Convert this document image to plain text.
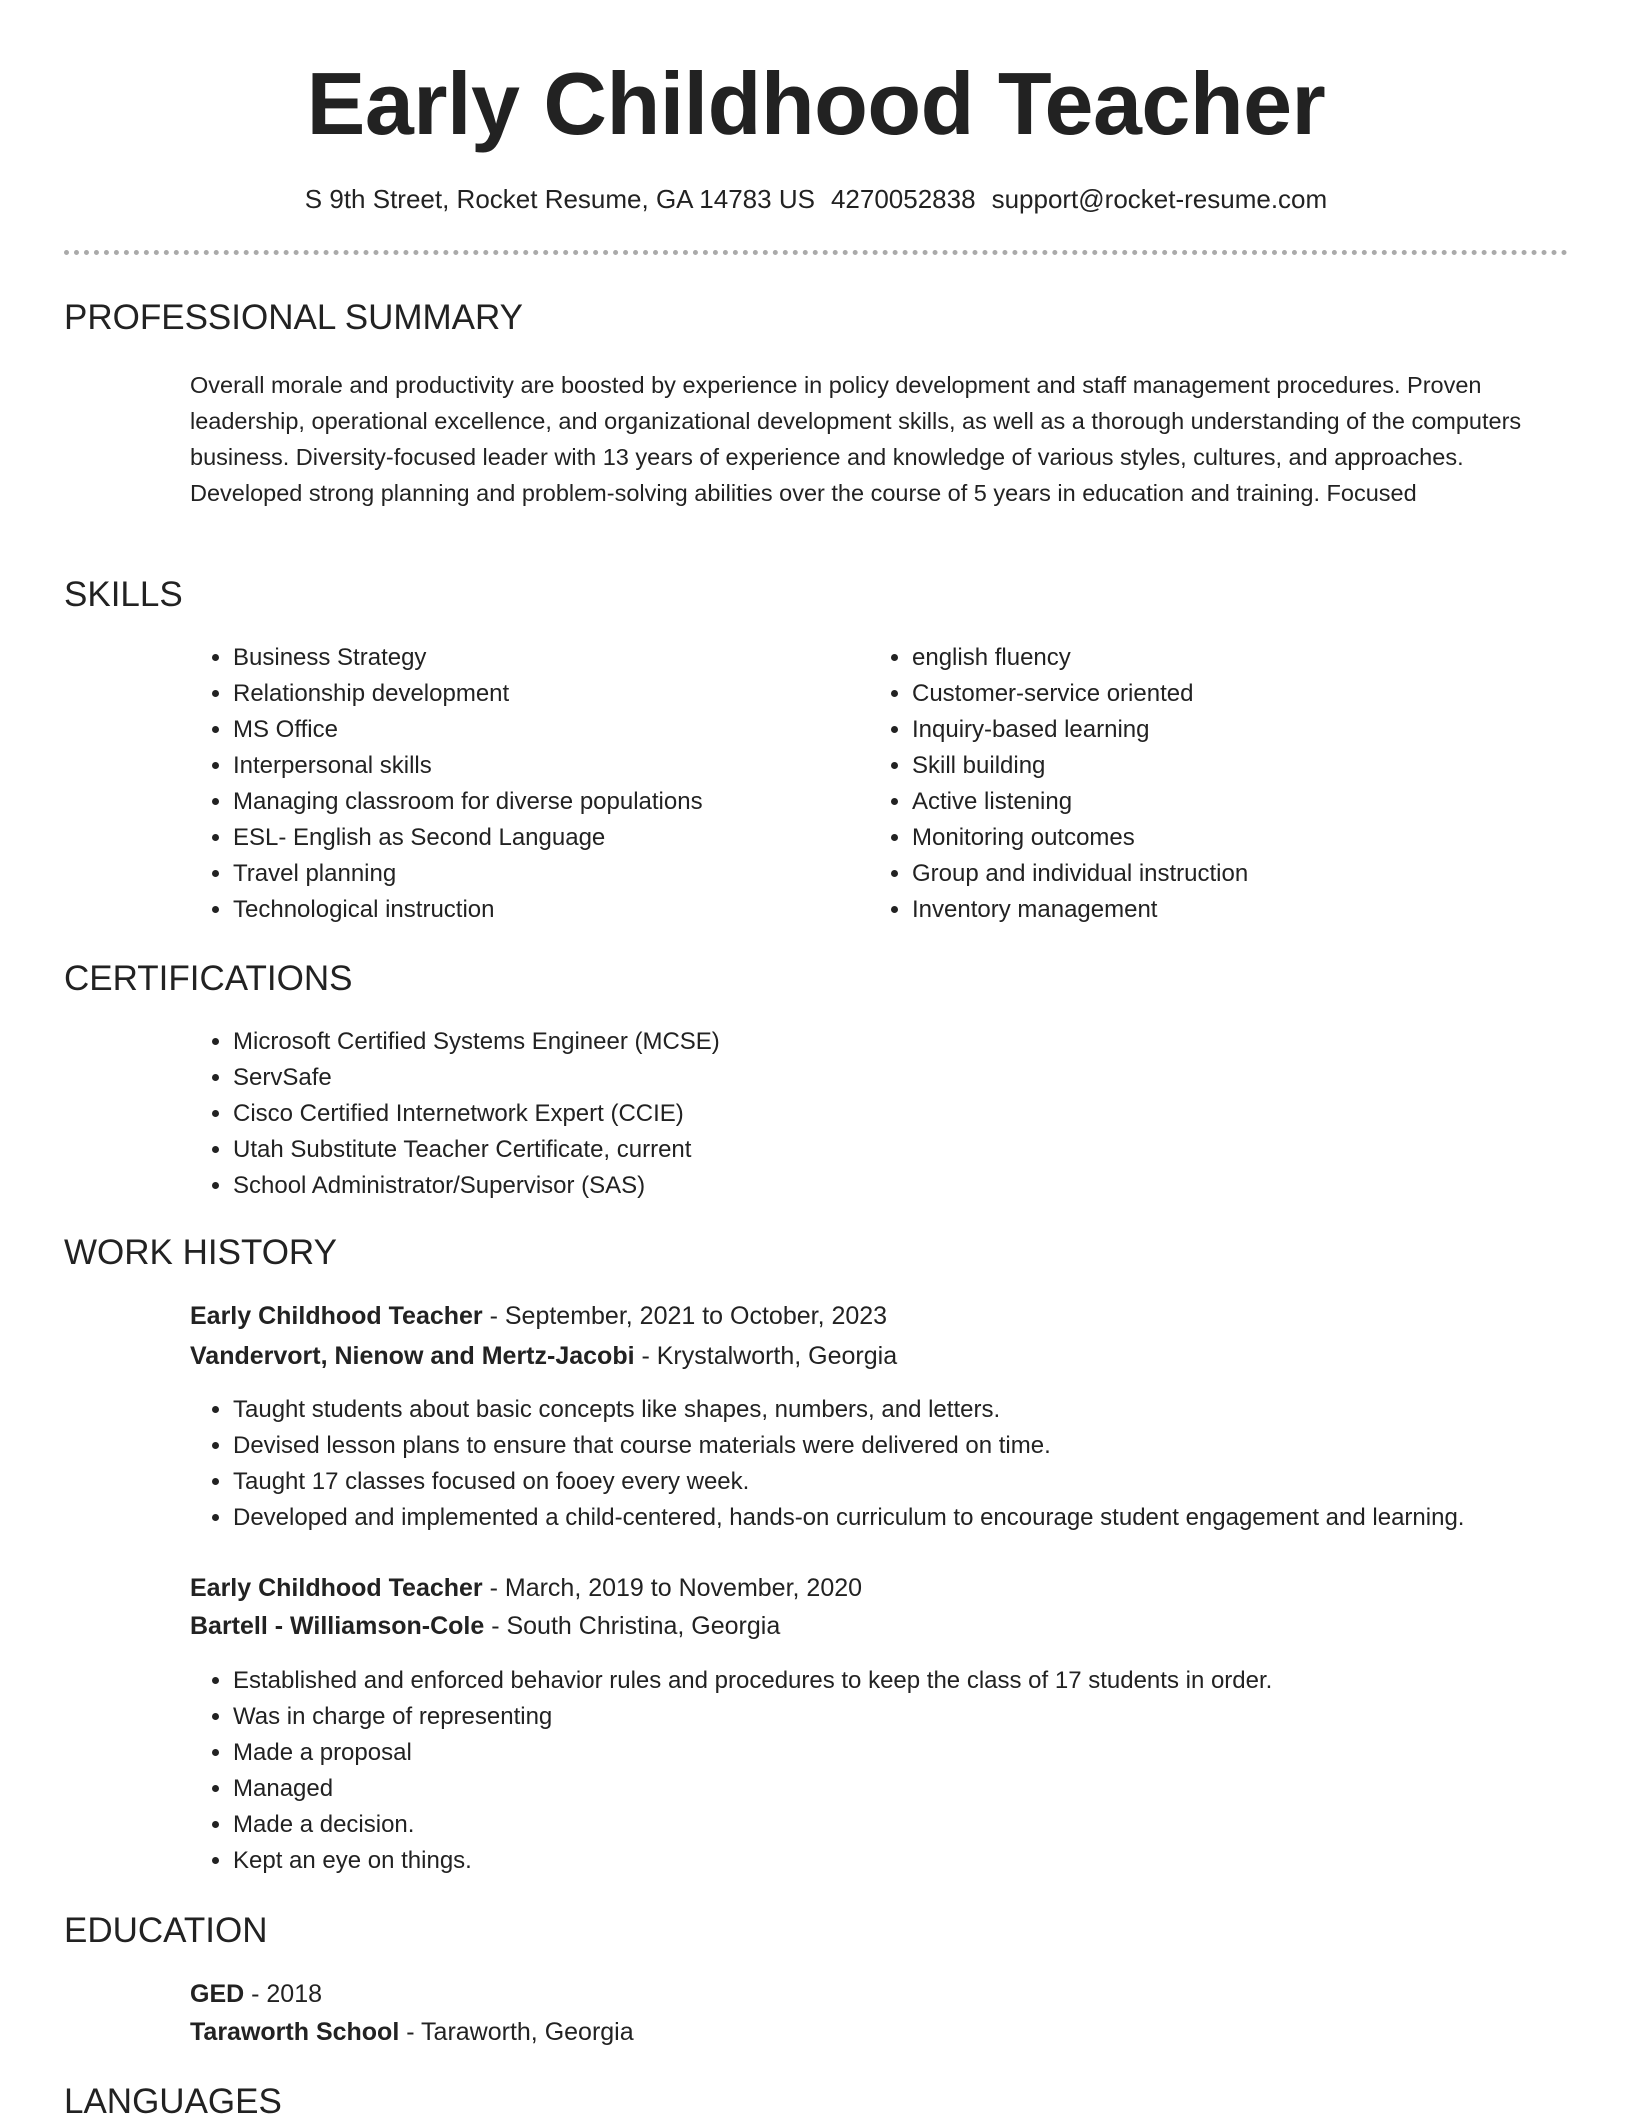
Early Childhood Teacher
S 9th Street, Rocket Resume, GA 14783 US 4270052838 support@rocket-resume.com
PROFESSIONAL SUMMARY

Overall morale and productivity are boosted by experience in policy development and staff management procedures. Proven leadership, operational excellence, and organizational development skills, as well as a thorough understanding of the computers business. Diversity-focused leader with 13 years of experience and knowledge of various styles, cultures, and approaches. Developed strong planning and problem-solving abilities over the course of 5 years in education and training. Focused

SKILLS
• Business Strategy
• Relationship development
• MS Office
• Interpersonal skills
• Managing classroom for diverse populations
• ESL- English as Second Language
• Travel planning
• Technological instruction
• english fluency
• Customer-service oriented
• Inquiry-based learning
• Skill building
• Active listening
• Monitoring outcomes
• Group and individual instruction
• Inventory management
CERTIFICATIONS
• Microsoft Certified Systems Engineer (MCSE)
• ServSafe
• Cisco Certified Internetwork Expert (CCIE)
• Utah Substitute Teacher Certificate, current
• School Administrator/Supervisor (SAS)
WORK HISTORY
Early Childhood Teacher - September, 2021 to October, 2023
Vandervort, Nienow and Mertz-Jacobi - Krystalworth, Georgia
• Taught students about basic concepts like shapes, numbers, and letters.
• Devised lesson plans to ensure that course materials were delivered on time.
• Taught 17 classes focused on fooey every week.
• Developed and implemented a child-centered, hands-on curriculum to encourage student engagement and learning.
Early Childhood Teacher - March, 2019 to November, 2020
Bartell - Williamson-Cole - South Christina, Georgia
• Established and enforced behavior rules and procedures to keep the class of 17 students in order.
• Was in charge of representing
• Made a proposal
• Managed
• Made a decision.
• Kept an eye on things.
EDUCATION
GED - 2018
Taraworth School - Taraworth, Georgia
LANGUAGES
